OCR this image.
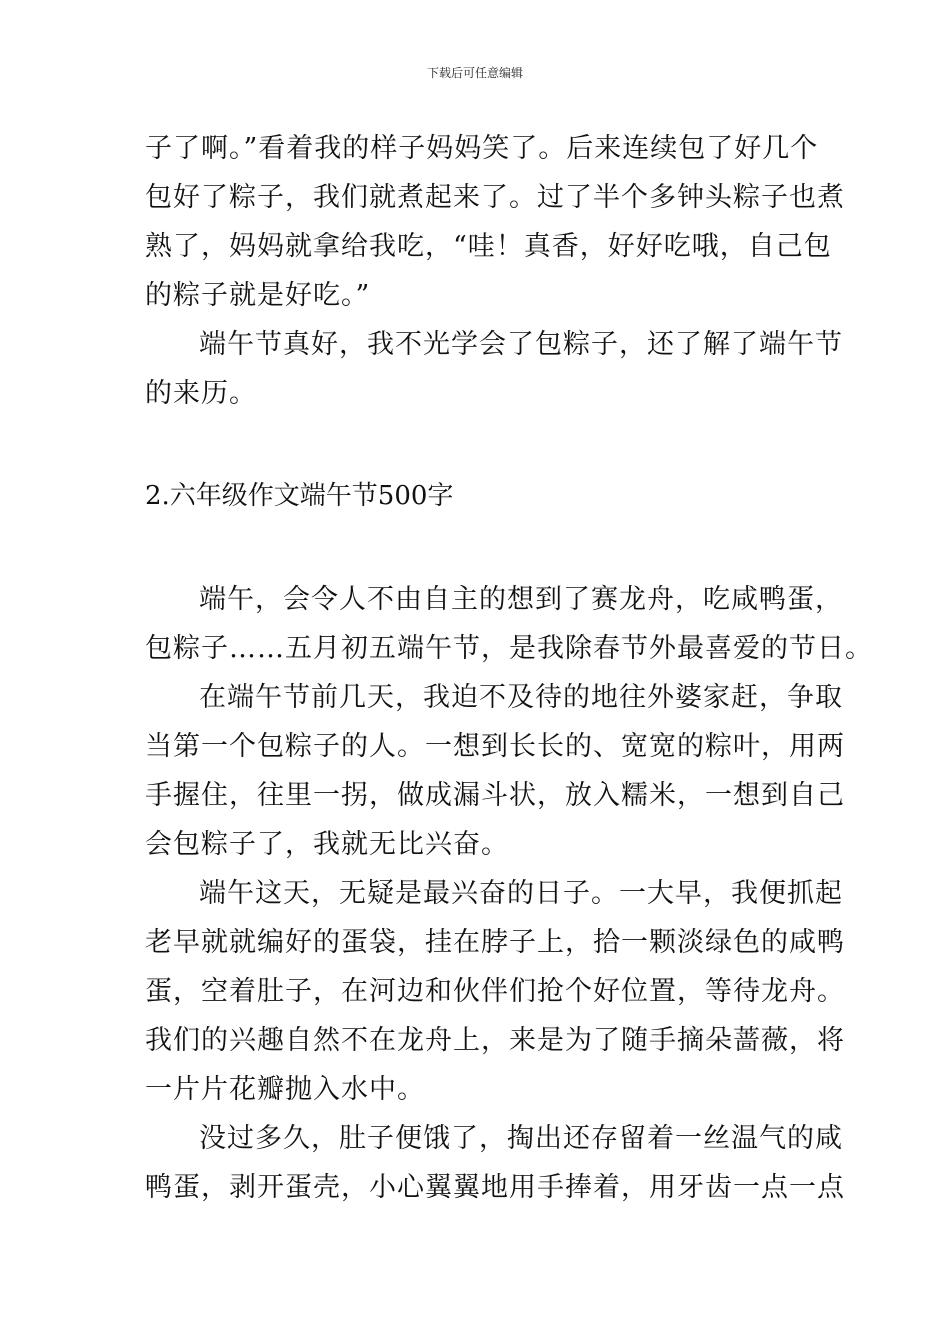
下载后可任意编辑
子了啊。”看着我的样子妈妈笑了。后来连续包了好几个
包好了粽子，我们就煮起来了。过了半个多钟头粽子也煮
熟了，妈妈就拿给我吃，“哇！真香，好好吃哦，自己包
的粽子就是好吃。”
端午节真好，我不光学会了包粽子，还了解了端午节
的来历。
2.六年级作文端午节500字
端午，会令人不由自主的想到了赛龙舟，吃咸鸭蛋，
包粽子……五月初五端午节，是我除春节外最喜爱的节日。
在端午节前几天，我迫不及待的地往外婆家赶，争取
当第一个包粽子的人。一想到长长的、宽宽的粽叶，用两
手握住，往里一拐，做成漏斗状，放入糯米，一想到自己
会包粽子了，我就无比兴奋。
端午这天，无疑是最兴奋的日子。一大早，我便抓起
老早就就编好的蛋袋，挂在脖子上，拾一颗淡绿色的咸鸭
蛋，空着肚子，在河边和伙伴们抢个好位置，等待龙舟。
我们的兴趣自然不在龙舟上，来是为了随手摘朵蔷薇，将
一片片花瓣抛入水中。
没过多久，肚子便饿了，掏出还存留着一丝温气的咸
鸭蛋，剥开蛋壳，小心翼翼地用手捧着，用牙齿一点一点
